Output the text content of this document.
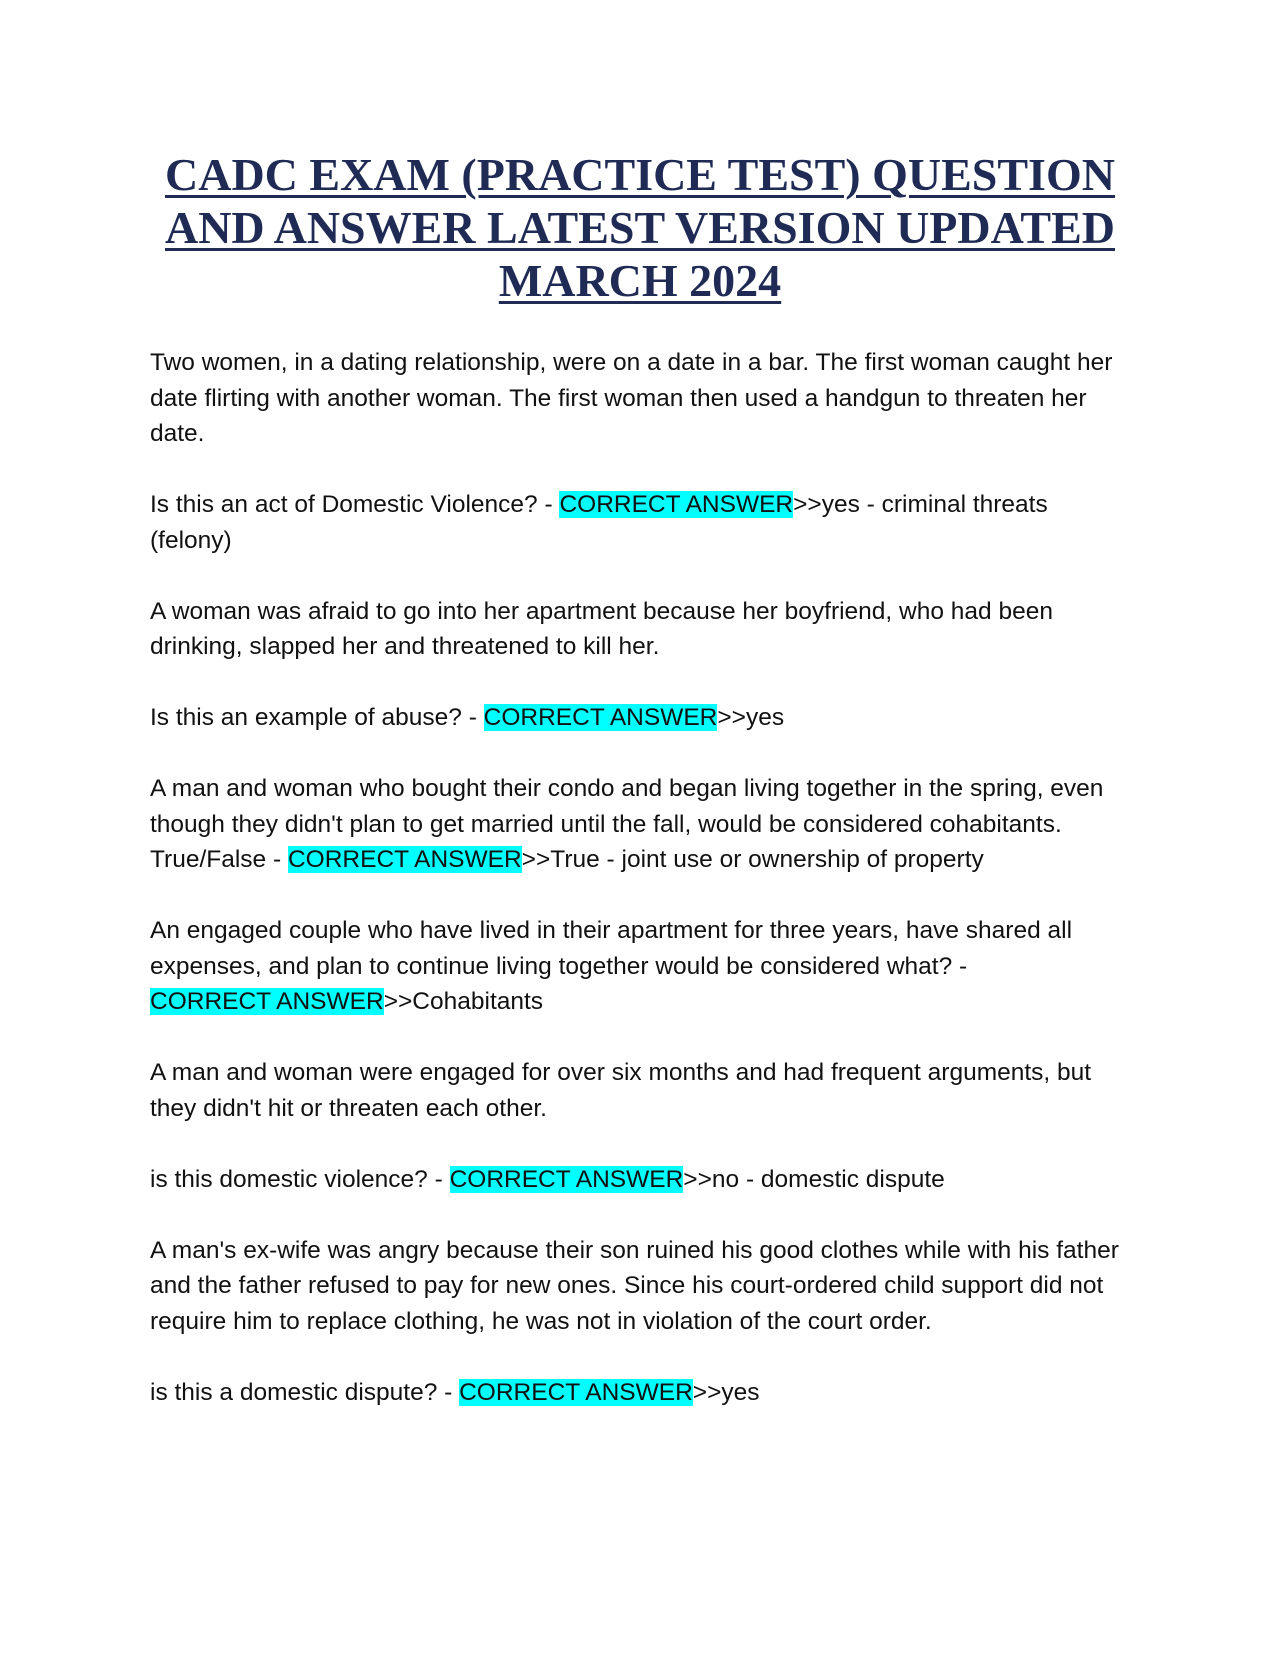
CADC EXAM (PRACTICE TEST) QUESTION
AND ANSWER LATEST VERSION UPDATED
MARCH 2024

Two women, in a dating relationship, were on a date in a bar. The first woman caught her date flirting with another woman. The first woman then used a handgun to threaten her date.

Is this an act of Domestic Violence? - CORRECT ANSWER>>yes - criminal threats (felony)

A woman was afraid to go into her apartment because her boyfriend, who had been drinking, slapped her and threatened to kill her.

Is this an example of abuse? - CORRECT ANSWER>>yes

A man and woman who bought their condo and began living together in the spring, even though they didn't plan to get married until the fall, would be considered cohabitants. True/False - CORRECT ANSWER>>True - joint use or ownership of property

An engaged couple who have lived in their apartment for three years, have shared all expenses, and plan to continue living together would be considered what? -
CORRECT ANSWER>>Cohabitants

A man and woman were engaged for over six months and had frequent arguments, but they didn't hit or threaten each other.

is this domestic violence? - CORRECT ANSWER>>no - domestic dispute

A man's ex-wife was angry because their son ruined his good clothes while with his father and the father refused to pay for new ones. Since his court-ordered child support did not require him to replace clothing, he was not in violation of the court order.

is this a domestic dispute? - CORRECT ANSWER>>yes
